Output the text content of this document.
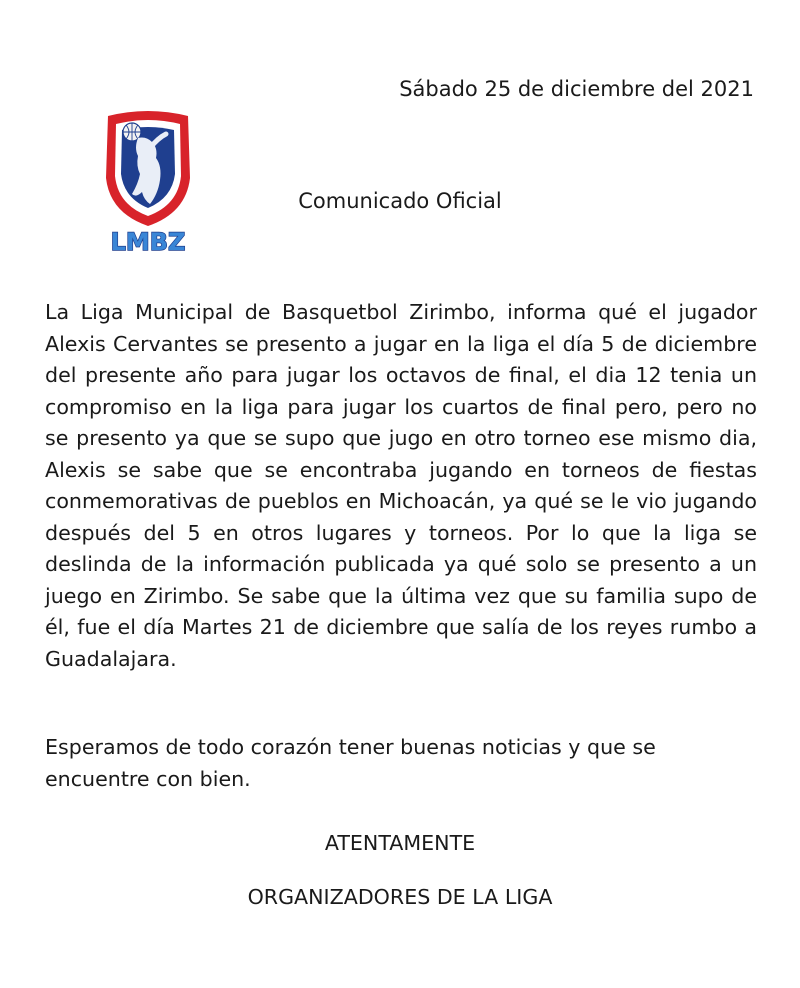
Sábado 25 de diciembre del 2021
LMBZ
Comunicado Oficial

La Liga Municipal de Basquetbol Zirimbo, informa qué el jugador Alexis Cervantes se presento a jugar en la liga el día 5 de diciembre del presente año para jugar los octavos de final, el dia 12 tenia un compromiso en la liga para jugar los cuartos de final pero, pero no se presento ya que se supo que jugo en otro torneo ese mismo dia, Alexis se sabe que se encontraba jugando en torneos de fiestas conmemorativas de pueblos en Michoacán, ya qué se le vio jugando después del 5 en otros lugares y torneos. Por lo que la liga se deslinda de la información publicada ya qué solo se presento a un juego en Zirimbo. Se sabe que la última vez que su familia supo de él, fue el día Martes 21 de diciembre que salía de los reyes rumbo a Guadalajara.

Esperamos de todo corazón tener buenas noticias y que se encuentre con bien.

ATENTAMENTE
ORGANIZADORES DE LA LIGA
